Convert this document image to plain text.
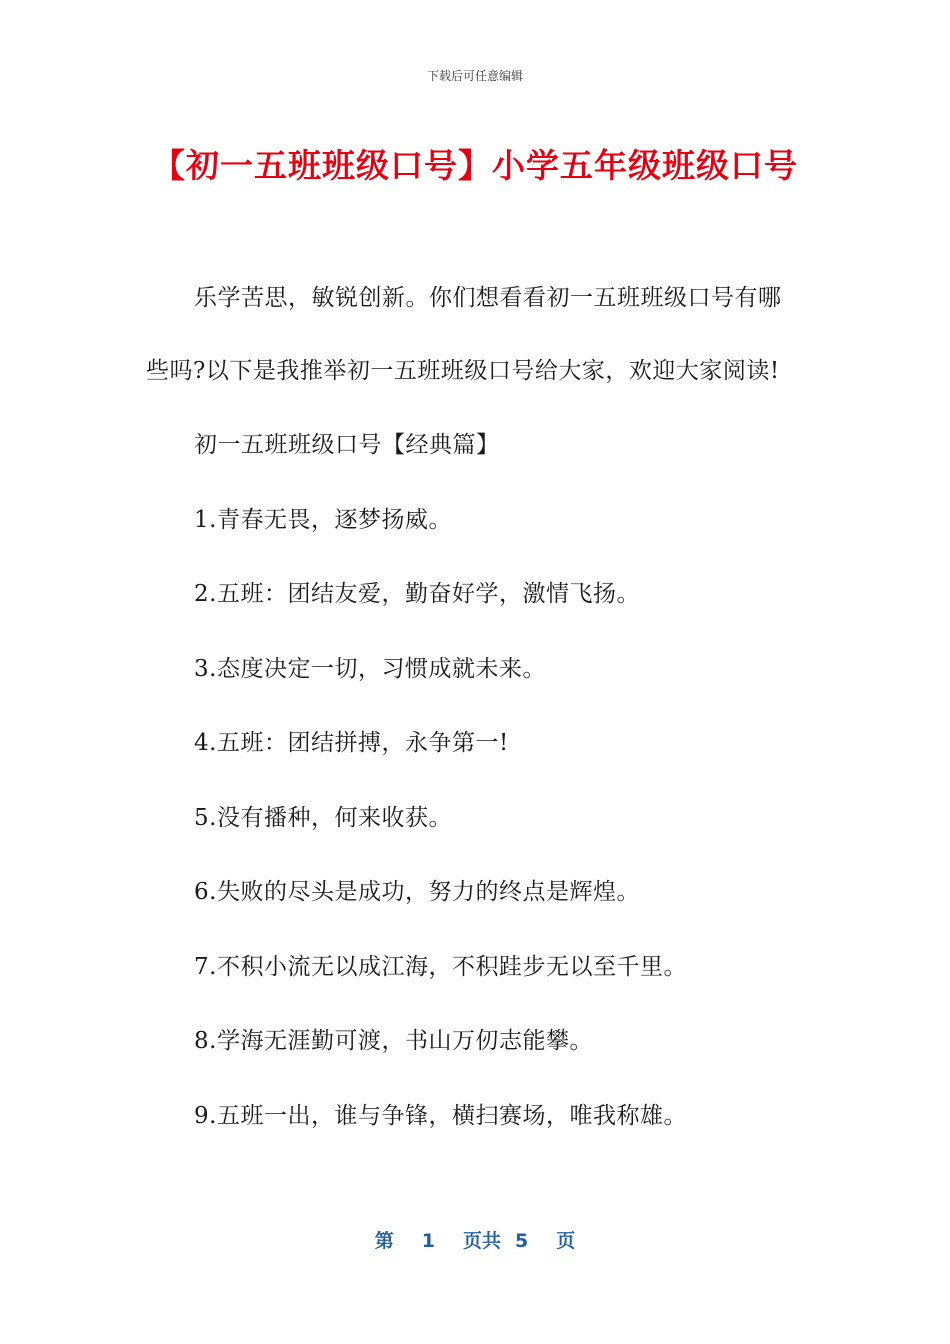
下载后可任意编辑
【初一五班班级口号】小学五年级班级口号
乐学苦思，敏锐创新。你们想看看初一五班班级口号有哪
些吗?以下是我推举初一五班班级口号给大家，欢迎大家阅读!
初一五班班级口号【经典篇】
1.青春无畏，逐梦扬威。
2.五班：团结友爱，勤奋好学，激情飞扬。
3.态度决定一切，习惯成就未来。
4.五班：团结拼搏，永争第一!
5.没有播种，何来收获。
6.失败的尽头是成功，努力的终点是辉煌。
7.不积小流无以成江海，不积跬步无以至千里。
8.学海无涯勤可渡，书山万仞志能攀。
9.五班一出，谁与争锋，横扫赛场，唯我称雄。
第 1 页共 5 页
